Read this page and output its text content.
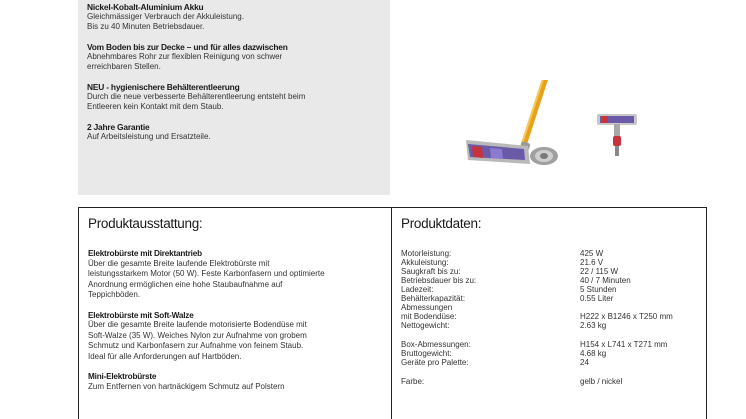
Nickel-Kobalt-Aluminium Akku

Gleichmässiger Verbrauch der Akkuleistung.
Bis zu 40 Minuten Betriebsdauer.

Vom Boden bis zur Decke – und für alles dazwischen

Abnehmbares Rohr zur flexiblen Reinigung von schwer
erreichbaren Stellen.

NEU - hygienischere Behälterentleerung

Durch die neue verbesserte Behälterentleerung entsteht beim
Entleeren kein Kontakt mit dem Staub.

2 Jahre Garantie

Auf Arbeitsleistung und Ersatzteile.

Produktausstattung:
Elektrobürste mit Direktantrieb

Über die gesamte Breite laufende Elektrobürste mit
leistungsstarkem Motor (50 W). Feste Karbonfasern und optimierte
Anordnung ermöglichen eine hohe Staubaufnahme auf
Teppichböden.

Elektrobürste mit Soft-Walze

Über die gesamte Breite laufende motorisierte Bodendüse mit
Soft-Walze (35 W). Weiches Nylon zur Aufnahme von grobem
Schmutz und Karbonfasern zur Aufnahme von feinem Staub.
Ideal für alle Anforderungen auf Hartböden.

Mini-Elektrobürste

Zum Entfernen von hartnäckigem Schmutz auf Polstern

Produktdaten:
Motorleistung:	425 W
Akkuleistung:	21.6 V
Saugkraft bis zu:	22 / 115 W
Betriebsdauer bis zu:	40 / 7 Minuten
Ladezeit:	5 Stunden
Behälterkapazität:	0.55 Liter
Abmessungen
mit Bodendüse:	H222 x B1246 x T250 mm
Nettogewicht:	2.63 kg
Box-Abmessungen:	H154 x L741 x T271 mm
Bruttogewicht:	4.68 kg
Geräte pro Palette:	24
Farbe:	gelb / nickel
